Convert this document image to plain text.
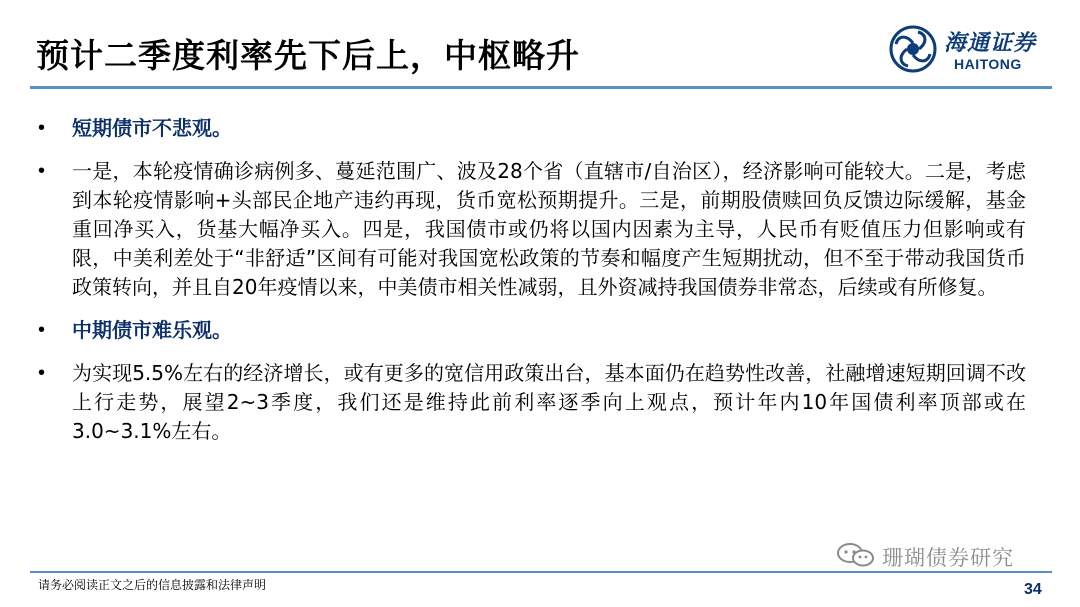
预计二季度利率先下后上，中枢略升	海通证券
HAITONG
• 短期债市不悲观。
• 一是，本轮疫情确诊病例多、蔓延范围广、波及28个省（直辖市/自治区），经济影响可能较大。二是，考虑到本轮疫情影响+头部民企地产违约再现，货币宽松预期提升。三是，前期股债赎回负反馈边际缓解，基金重回净买入，货基大幅净买入。四是，我国债市或仍将以国内因素为主导，人民币有贬值压力但影响或有限，中美利差处于“非舒适”区间有可能对我国宽松政策的节奏和幅度产生短期扰动，但不至于带动我国货币政策转向，并且自20年疫情以来，中美债市相关性减弱，且外资减持我国债券非常态，后续或有所修复。
• 中期债市难乐观。
• 为实现5.5%左右的经济增长，或有更多的宽信用政策出台，基本面仍在趋势性改善，社融增速短期回调不改上行走势，展望2~3季度，我们还是维持此前利率逐季向上观点，预计年内10年国债利率顶部或在3.0~3.1%左右。
珊瑚债券研究
请务必阅读正文之后的信息披露和法律声明	34
